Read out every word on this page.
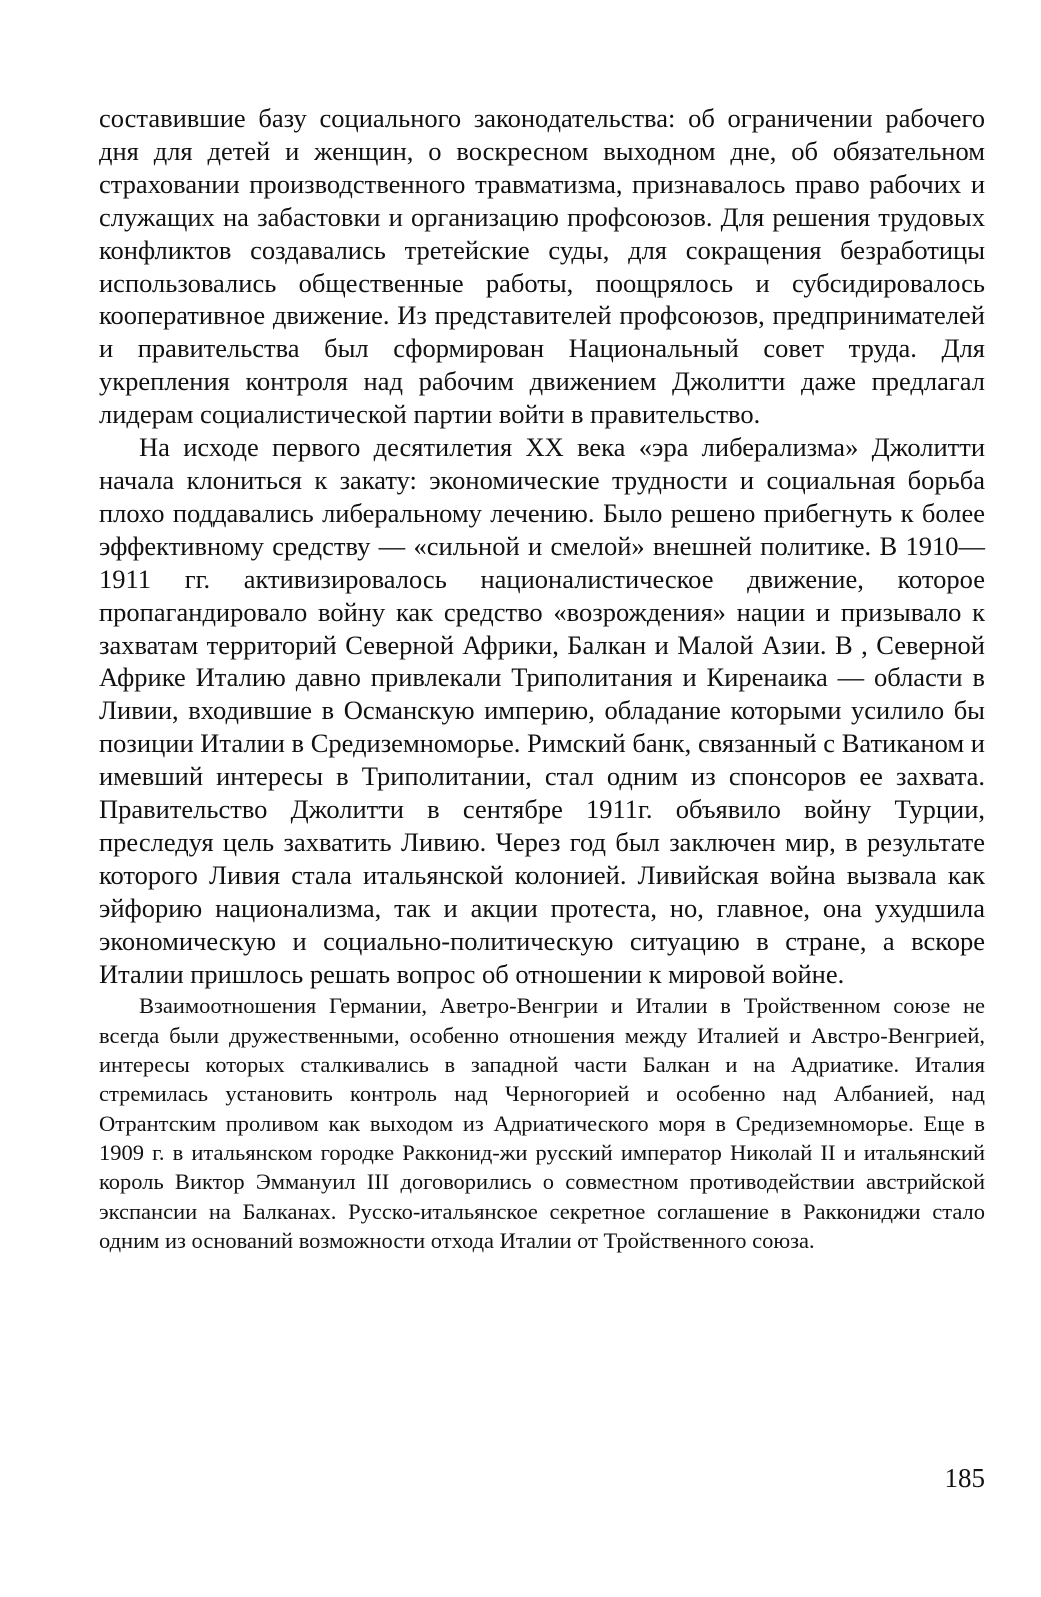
составившие базу социального законодательства: об ограничении рабочего дня для детей и женщин, о воскресном выходном дне, об обязательном страховании производственного травматизма, признавалось право рабочих и служащих на забастовки и организацию профсоюзов. Для решения трудовых конфликтов создавались третейские суды, для сокращения безработицы использовались общественные работы, поощрялось и субсидировалось кооперативное движение. Из представителей профсоюзов, предпринимателей и правительства был сформирован Национальный совет труда. Для укрепления контроля над рабочим движением Джолитти даже предлагал лидерам социалистической партии войти в правительство.

На исходе первого десятилетия XX века «эра либерализма» Джолитти начала клониться к закату: экономические трудности и социальная борьба плохо поддавались либеральному лечению. Было решено прибегнуть к более эффективному средству — «сильной и смелой» внешней политике. В 1910—1911 гг. активизировалось националистическое движение, которое пропагандировало войну как средство «возрождения» нации и призывало к захватам территорий Северной Африки, Балкан и Малой Азии. В , Северной Африке Италию давно привлекали Триполитания и Киренаика — области в Ливии, входившие в Османскую империю, обладание которыми усилило бы позиции Италии в Средиземноморье. Римский банк, связанный с Ватиканом и имевший интересы в Триполитании, стал одним из спонсоров ее захвата. Правительство Джолитти в сентябре 1911г. объявило войну Турции, преследуя цель захватить Ливию. Через год был заключен мир, в результате которого Ливия стала итальянской колонией. Ливийская война вызвала как эйфорию национализма, так и акции протеста, но, главное, она ухудшила экономическую и социально-политическую ситуацию в стране, а вскоре Италии пришлось решать вопрос об отношении к мировой войне.

Взаимоотношения Германии, Аветро-Венгрии и Италии в Тройственном союзе не всегда были дружественными, особенно отношения между Италией и Австро-Венгрией, интересы которых сталкивались в западной части Балкан и на Адриатике. Италия стремилась установить контроль над Черногорией и особенно над Албанией, над Отрантским проливом как выходом из Адриатического моря в Средиземноморье. Еще в 1909 г. в итальянском городке Ракконид-жи русский император Николай II и итальянский король Виктор Эммануил III договорились о совместном противодействии австрийской экспансии на Балканах. Русско-итальянское секретное соглашение в Раккониджи стало одним из оснований возможности отхода Италии от Тройственного союза.

185
